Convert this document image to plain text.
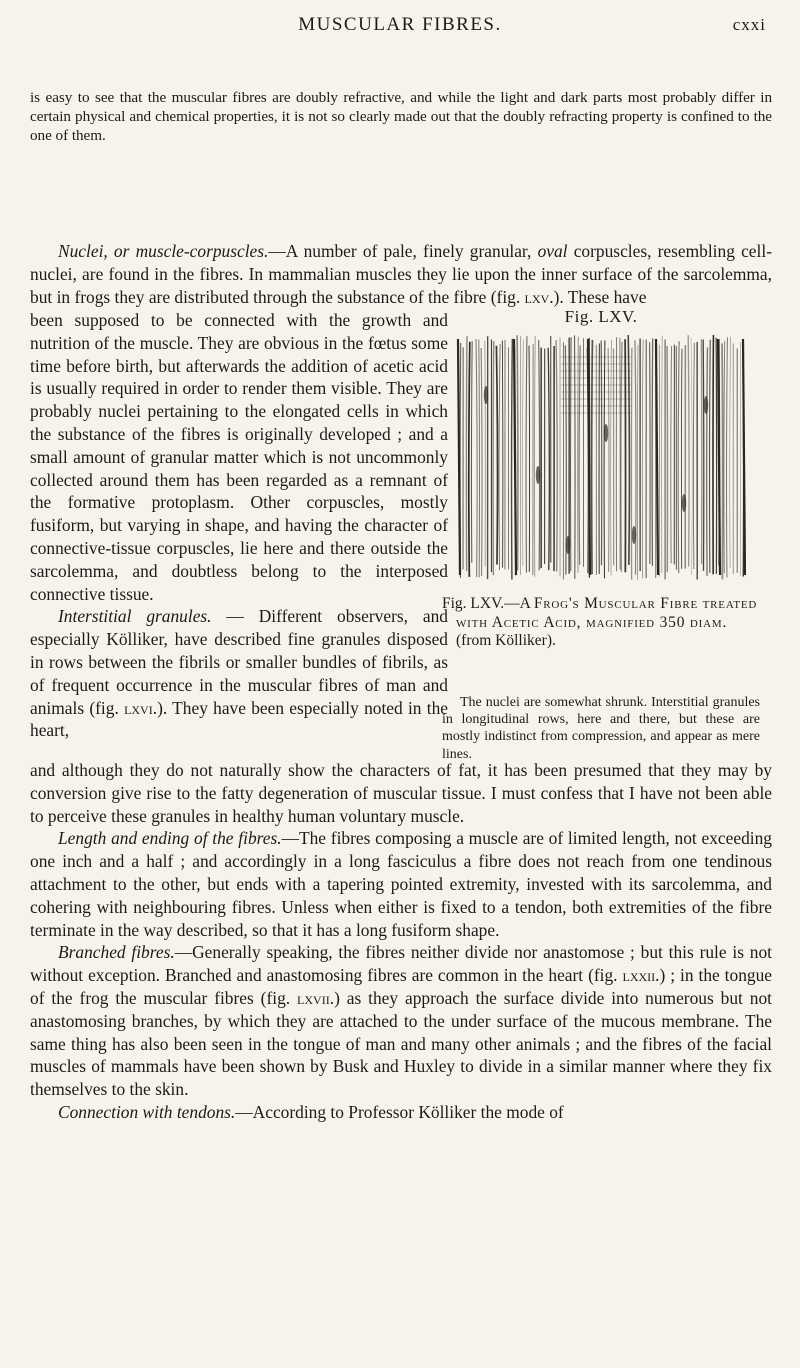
MUSCULAR FIBRES.	cxxi
is easy to see that the muscular fibres are doubly refractive, and while the light and dark parts most probably differ in certain physical and chemical properties, it is not so clearly made out that the doubly refracting property is confined to the one of them.

Nuclei, or muscle-corpuscles.—A number of pale, finely granular, oval corpuscles, resembling cell-nuclei, are found in the fibres. In mammalian muscles they lie upon the inner surface of the sarcolemma, but in frogs they are distributed through the substance of the fibre (fig. lxv.). These have

been supposed to be connected with the growth and nutrition of the muscle. They are obvious in the fœtus some time before birth, but afterwards the addition of acetic acid is usually required in order to render them visible. They are probably nuclei pertaining to the elongated cells in which the substance of the fibres is originally developed ; and a small amount of granular matter which is not uncommonly collected around them has been regarded as a remnant of the formative protoplasm. Other corpuscles, mostly fusiform, but varying in shape, and having the character of connective-tissue corpuscles, lie here and there outside the sarcolemma, and doubtless belong to the interposed connective tissue.

Interstitial granules. — Different observers, and especially Kölliker, have described fine granules disposed in rows between the fibrils or smaller bundles of fibrils, as of frequent occurrence in the muscular fibres of man and animals (fig. lxvi.). They have been especially noted in the heart,

Fig. LXV.
Fig. LXV.—A Frog's Muscular Fibre treated with Acetic Acid, magnified 350 diam. (from Kölliker).

The nuclei are somewhat shrunk. Interstitial granules in longitudinal rows, here and there, but these are mostly indistinct from compression, and appear as mere lines.

and although they do not naturally show the characters of fat, it has been presumed that they may by conversion give rise to the fatty degeneration of muscular tissue. I must confess that I have not been able to perceive these granules in healthy human voluntary muscle.

Length and ending of the fibres.—The fibres composing a muscle are of limited length, not exceeding one inch and a half ; and accordingly in a long fasciculus a fibre does not reach from one tendinous attachment to the other, but ends with a tapering pointed extremity, invested with its sarcolemma, and cohering with neighbouring fibres. Unless when either is fixed to a tendon, both extremities of the fibre terminate in the way described, so that it has a long fusiform shape.

Branched fibres.—Generally speaking, the fibres neither divide nor anastomose ; but this rule is not without exception. Branched and anastomosing fibres are common in the heart (fig. lxxii.) ; in the tongue of the frog the muscular fibres (fig. lxvii.) as they approach the surface divide into numerous but not anastomosing branches, by which they are attached to the under surface of the mucous membrane. The same thing has also been seen in the tongue of man and many other animals ; and the fibres of the facial muscles of mammals have been shown by Busk and Huxley to divide in a similar manner where they fix themselves to the skin.

Connection with tendons.—According to Professor Kölliker the mode of
